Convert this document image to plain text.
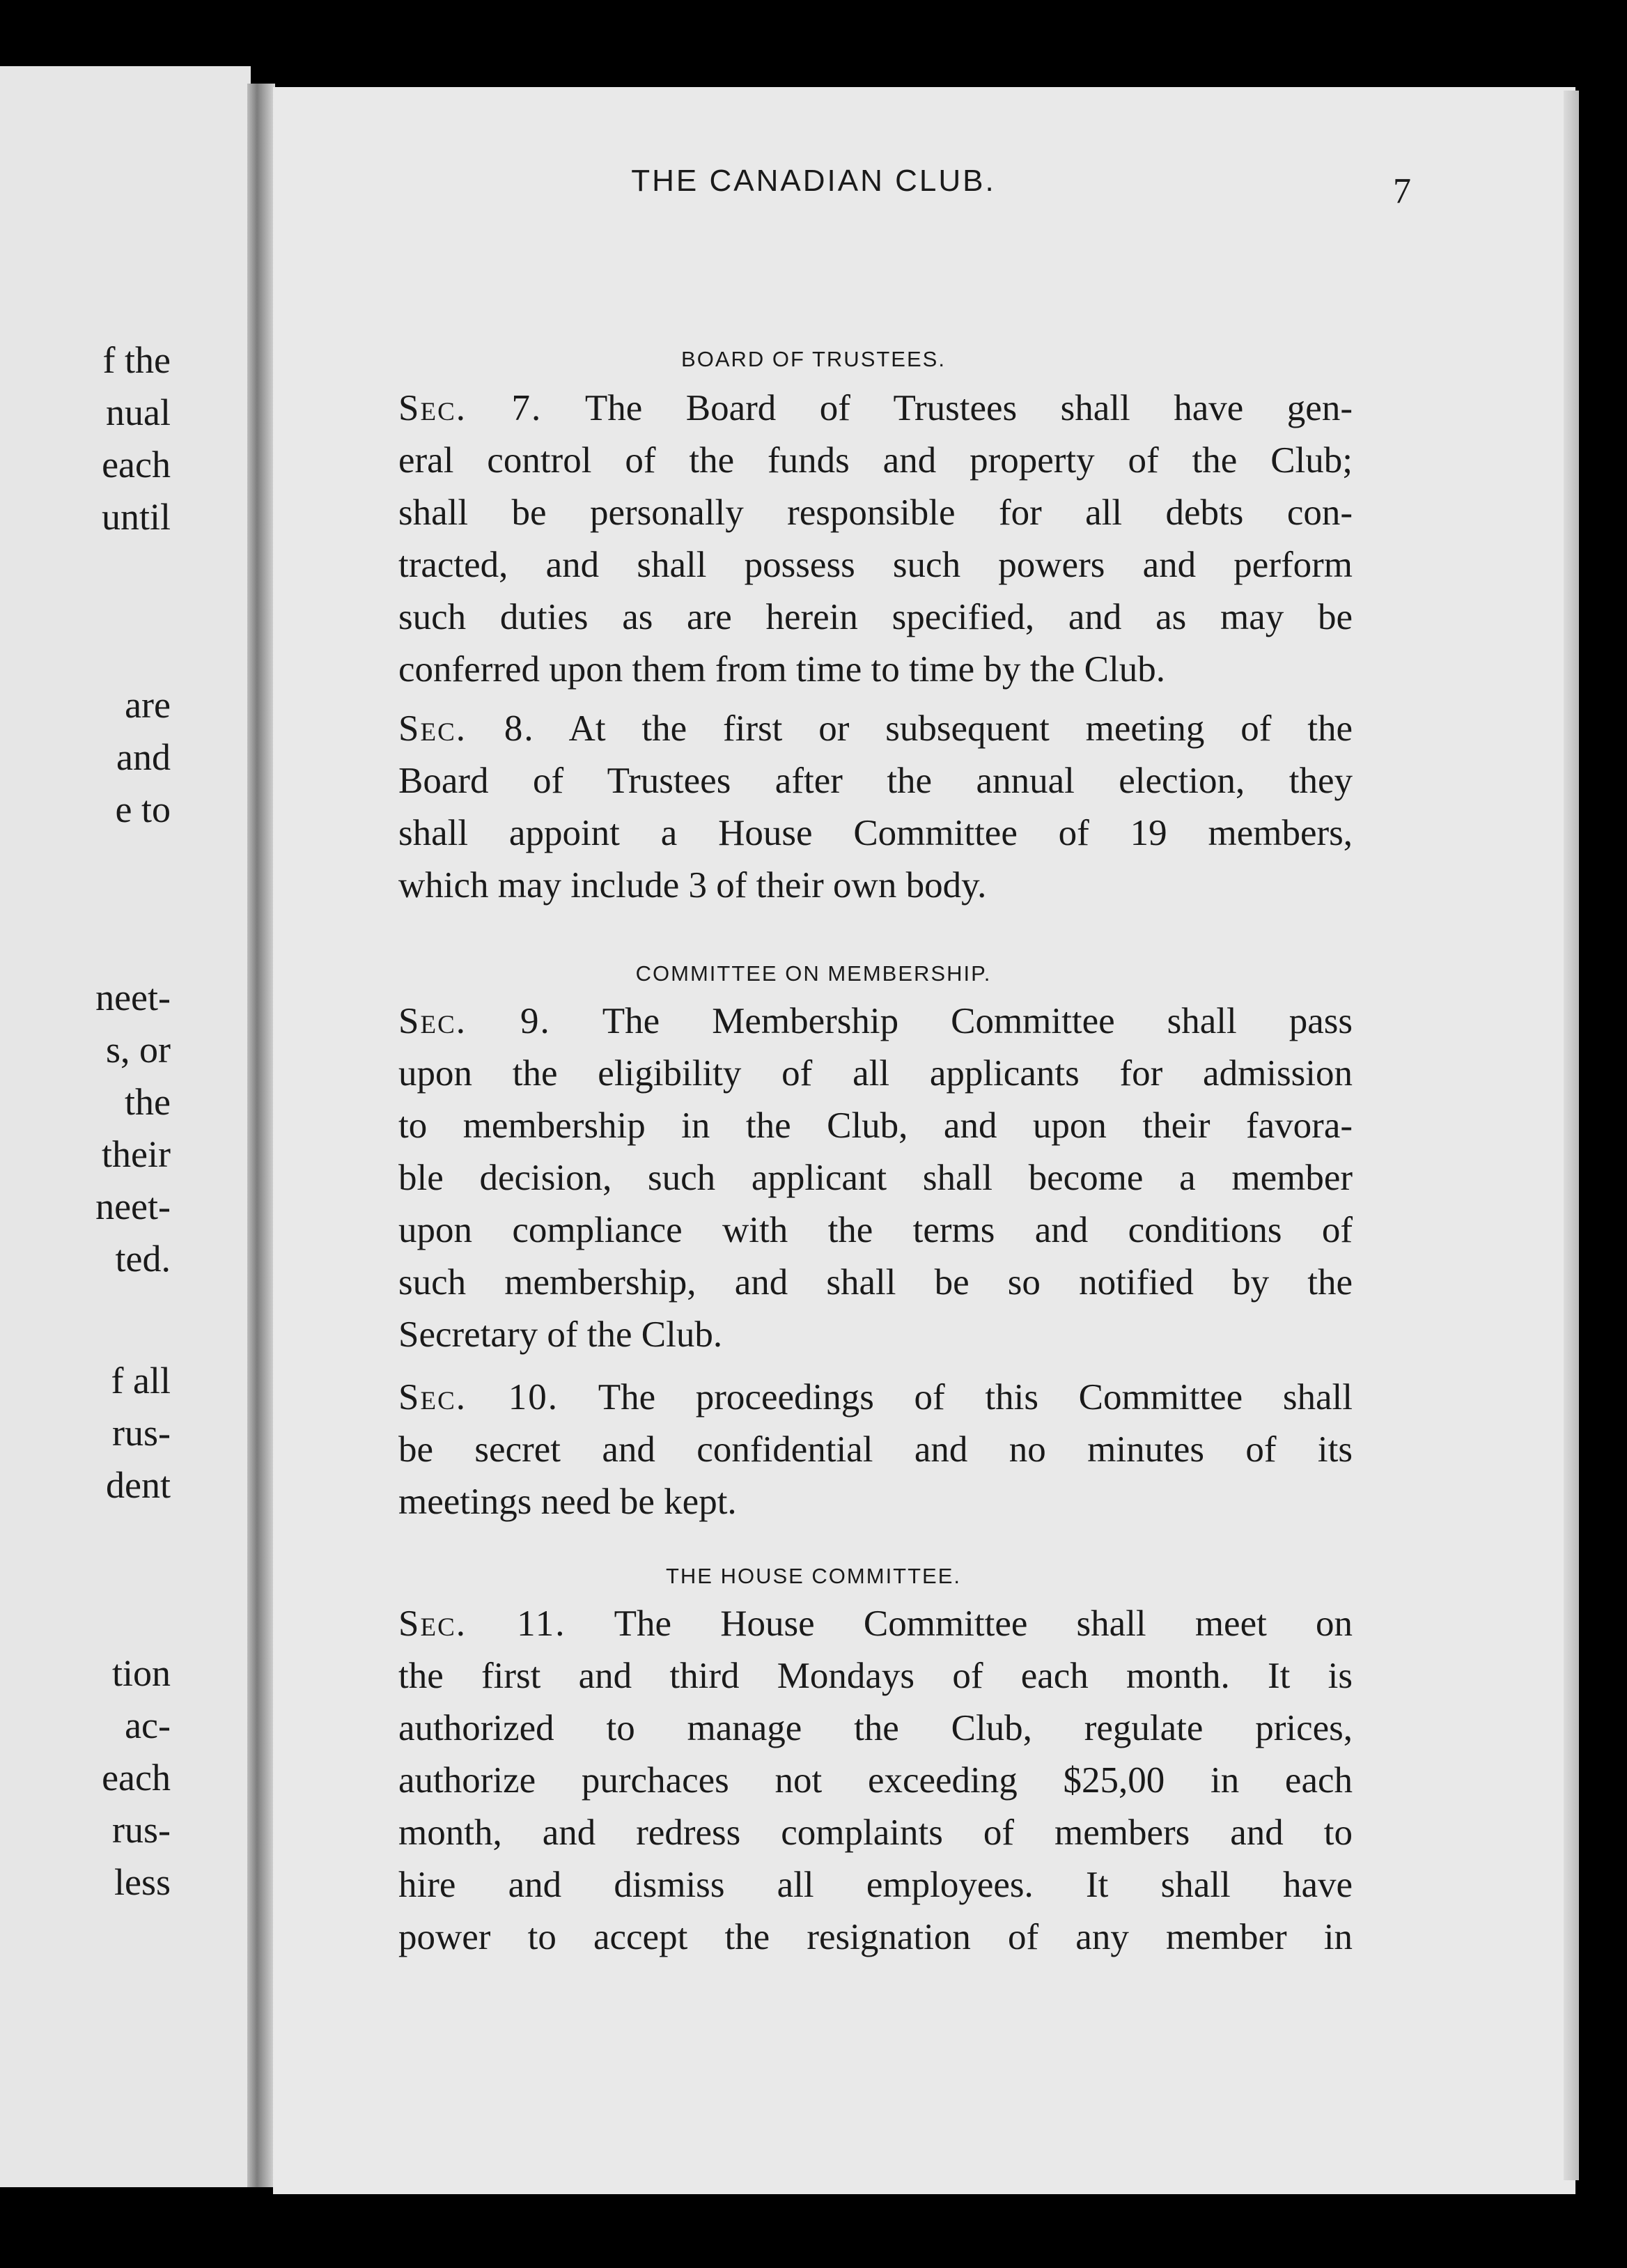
f the
nual
each
until
are
and
e to
neet-
s, or
the
their
neet-
ted.
f all
rus-
dent
tion
ac-
each
rus-
less
THE CANADIAN CLUB.	7
BOARD OF TRUSTEES.
Sec. 7. The Board of Trustees shall have gen-
eral control of the funds and property of the Club;
shall be personally responsible for all debts con-
tracted, and shall possess such powers and perform
such duties as are herein specified, and as may be
conferred upon them from time to time by the Club.
Sec. 8. At the first or subsequent meeting of the
Board of Trustees after the annual election, they
shall appoint a House Committee of 19 members,
which may include 3 of their own body.
COMMITTEE ON MEMBERSHIP.
Sec. 9. The Membership Committee shall pass
upon the eligibility of all applicants for admission
to membership in the Club, and upon their favora-
ble decision, such applicant shall become a member
upon compliance with the terms and conditions of
such membership, and shall be so notified by the
Secretary of the Club.
Sec. 10. The proceedings of this Committee shall
be secret and confidential and no minutes of its
meetings need be kept.
THE HOUSE COMMITTEE.
Sec. 11. The House Committee shall meet on
the first and third Mondays of each month. It is
authorized to manage the Club, regulate prices,
authorize purchaces not exceeding $25,00 in each
month, and redress complaints of members and to
hire and dismiss all employees. It shall have
power to accept the resignation of any member in
